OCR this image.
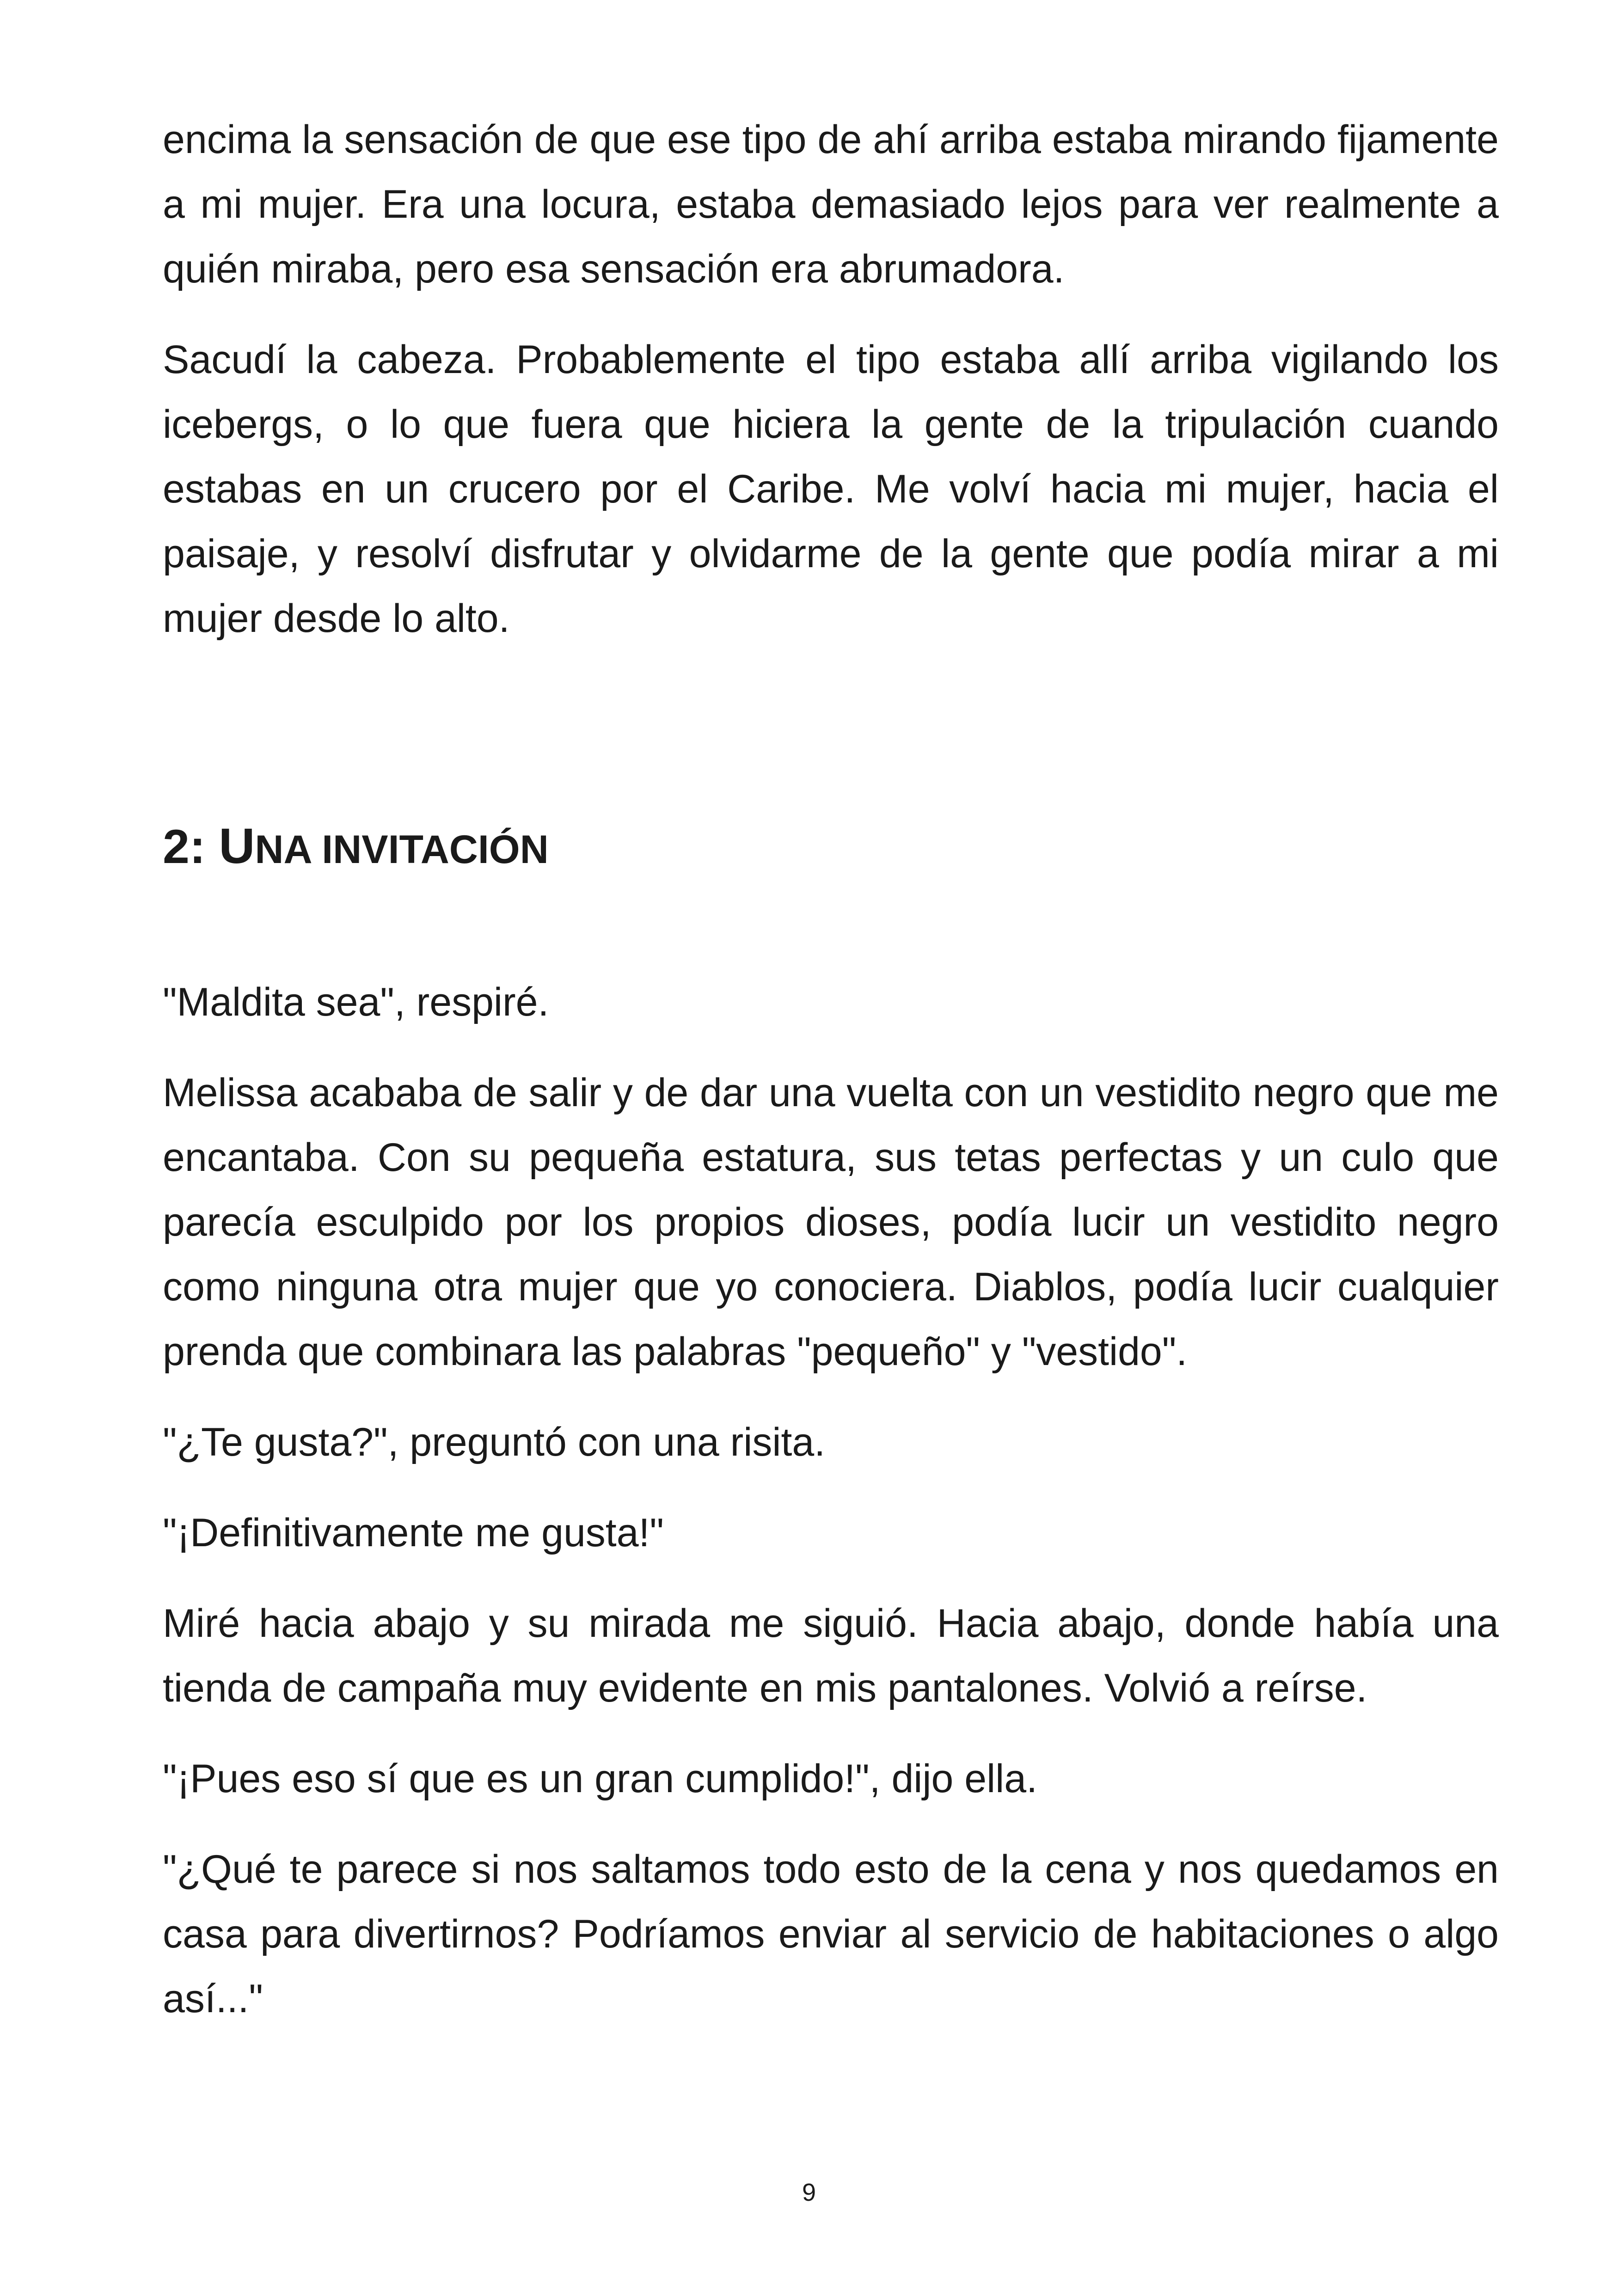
encima la sensación de que ese tipo de ahí arriba estaba mirando fijamente a mi mujer. Era una locura, estaba demasiado lejos para ver realmente a quién miraba, pero esa sensación era abrumadora.

Sacudí la cabeza. Probablemente el tipo estaba allí arriba vigilando los icebergs, o lo que fuera que hiciera la gente de la tripulación cuando estabas en un crucero por el Caribe. Me volví hacia mi mujer, hacia el paisaje, y resolví disfrutar y olvidarme de la gente que podía mirar a mi mujer desde lo alto.

2: UNA INVITACIÓN

"Maldita sea", respiré.

Melissa acababa de salir y de dar una vuelta con un vestidito negro que me encantaba. Con su pequeña estatura, sus tetas perfectas y un culo que parecía esculpido por los propios dioses, podía lucir un vestidito negro como ninguna otra mujer que yo conociera. Diablos, podía lucir cualquier prenda que combinara las palabras "pequeño" y "vestido".

"¿Te gusta?", preguntó con una risita.

"¡Definitivamente me gusta!"

Miré hacia abajo y su mirada me siguió. Hacia abajo, donde había una tienda de campaña muy evidente en mis pantalones. Volvió a reírse.

"¡Pues eso sí que es un gran cumplido!", dijo ella.

"¿Qué te parece si nos saltamos todo esto de la cena y nos quedamos en casa para divertirnos? Podríamos enviar al servicio de habitaciones o algo así..."

9
